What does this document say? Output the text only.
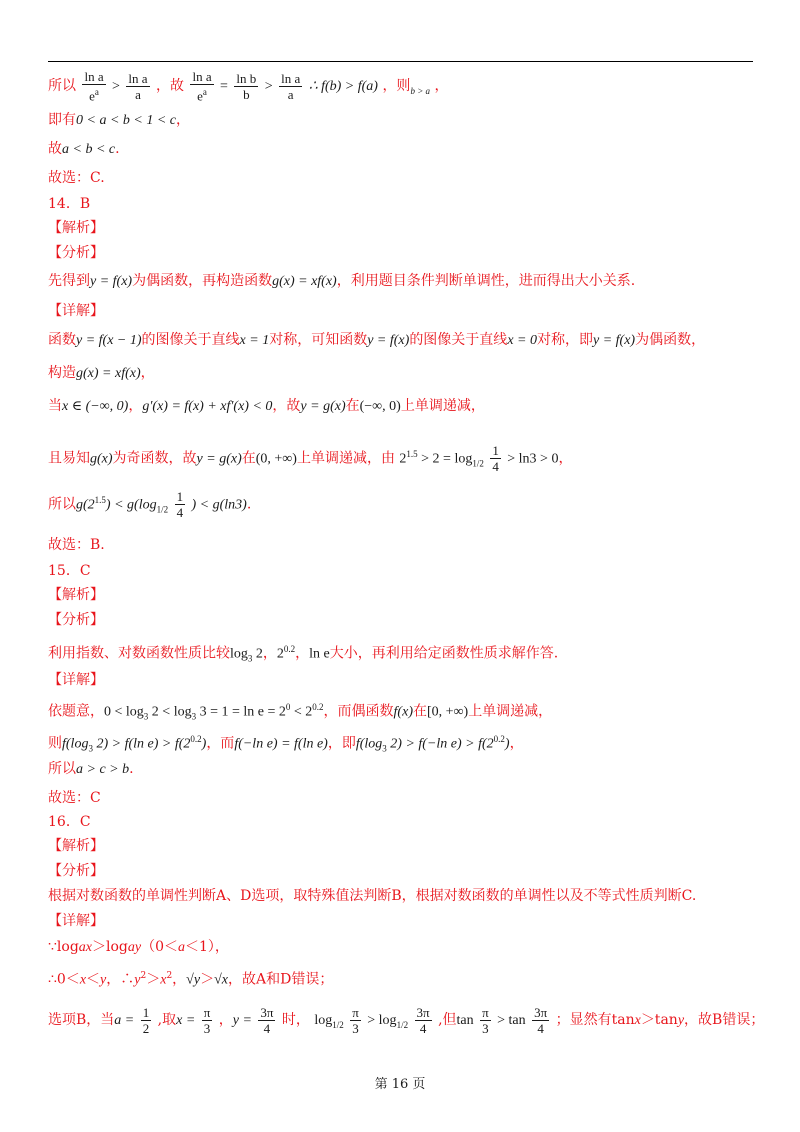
所以 $\frac{\text{ln a}}{e^a} > \frac{\text{ln a}}{a}$ ，故 $\frac{\text{ln a}}{e^a} = \frac{\text{ln b}}{b} > \frac{\text{ln a}}{a}$ ∴ f(b) > f(a) ，则$_{b > a}$ ，
即有0 < a < b < 1 < c，
故a < b < c.
故选：C.
14．B
【解析】
【分析】
先得到y = f(x)为偶函数，再构造函数g(x) = xf(x)，利用题目条件判断单调性，进而得出大小关系.
【详解】
函数y = f(x − 1)的图像关于直线x = 1对称，可知函数y = f(x)的图像关于直线x = 0对称，即y = f(x)为偶函数，
构造g(x) = xf(x)，
当x ∈ (−∞, 0)，g′(x) = f(x) + xf′(x) < 0，故y = g(x)在(−∞, 0)上单调递减，
且易知g(x)为奇函数，故y = g(x)在(0, +∞)上单调递减，由 $2^{1.5} > 2 = \log_{1/2} \frac{1}{4} > \ln 3 > 0$，
所以$g(2^{1.5}) < g(\log_{1/2} \frac{1}{4}$ ) < g(ln3).
故选：B.
15．C
【解析】
【分析】
利用指数、对数函数性质比较$\log_3 2$，$2^{0.2}$，ln e大小，再利用给定函数性质求解作答.
【详解】
依题意，$0 < \log_3 2 < \log_3 3 = 1 = \ln e = 2^0 < 2^{0.2}$，而偶函数f(x)在[0, +∞)上单调递减，
则$f(\log_3$ 2) > f(ln $e) > f(2^{0.2})$，而f(−ln e) = f(ln e)，即$f(\log_3$ 2) > f(−ln $e) > f(2^{0.2})$，
所以a > c > b.
故选：C
16．C
【解析】
【分析】
根据对数函数的单调性判断A、D选项，取特殊值法判断B，根据对数函数的单调性以及不等式性质判断C.
【详解】
∵logax＞logay（0＜a＜1），
∴0＜x＜y，$\therefore y^2>x^2$，√y＞√x，故A和D错误；
选项B，当$a = \frac{1}{2}$ ,取$x = \frac{\pi}{3}$ ，$y = \frac{3\pi}{4}$ 时， $\log_{1/2} \frac{\pi}{3} > \log_{1/2} \frac{3\pi}{4}$ ,但$\tan \frac{\pi}{3} > \tan \frac{3\pi}{4}$ ；显然有tanx＞tany，故B错误；
第 16 页
